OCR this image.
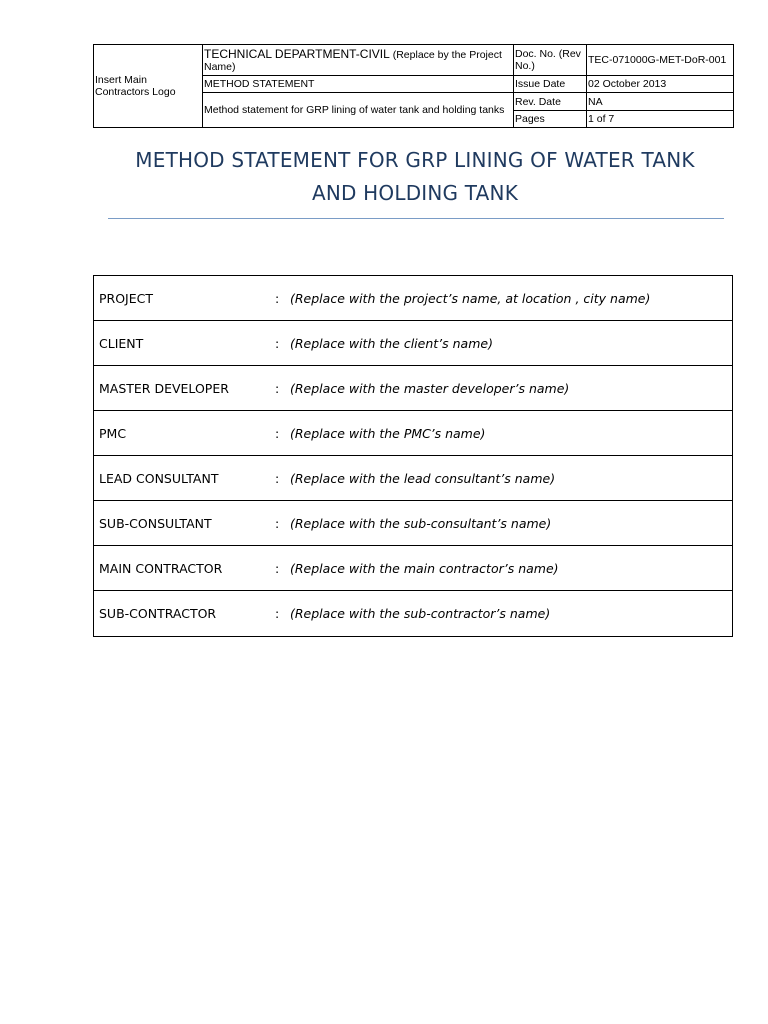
Insert Main Contractors Logo	TECHNICAL DEPARTMENT-CIVIL (Replace by the Project Name)	Doc. No. (Rev No.)	TEC-071000G-MET-DoR-001
	METHOD STATEMENT	Issue Date	02 October 2013
	Method statement for GRP lining of water tank and holding tanks	Rev. Date	NA
		Pages	1 of 7
METHOD STATEMENT FOR GRP LINING OF WATER TANK
AND HOLDING TANK
PROJECT	: (Replace with the project’s name, at location , city name)
CLIENT	: (Replace with the client’s name)
MASTER DEVELOPER	: (Replace with the master developer’s name)
PMC	: (Replace with the PMC’s name)
LEAD CONSULTANT	: (Replace with the lead consultant’s name)
SUB-CONSULTANT	: (Replace with the sub-consultant’s name)
MAIN CONTRACTOR	: (Replace with the main contractor’s name)
SUB-CONTRACTOR	: (Replace with the sub-contractor’s name)
